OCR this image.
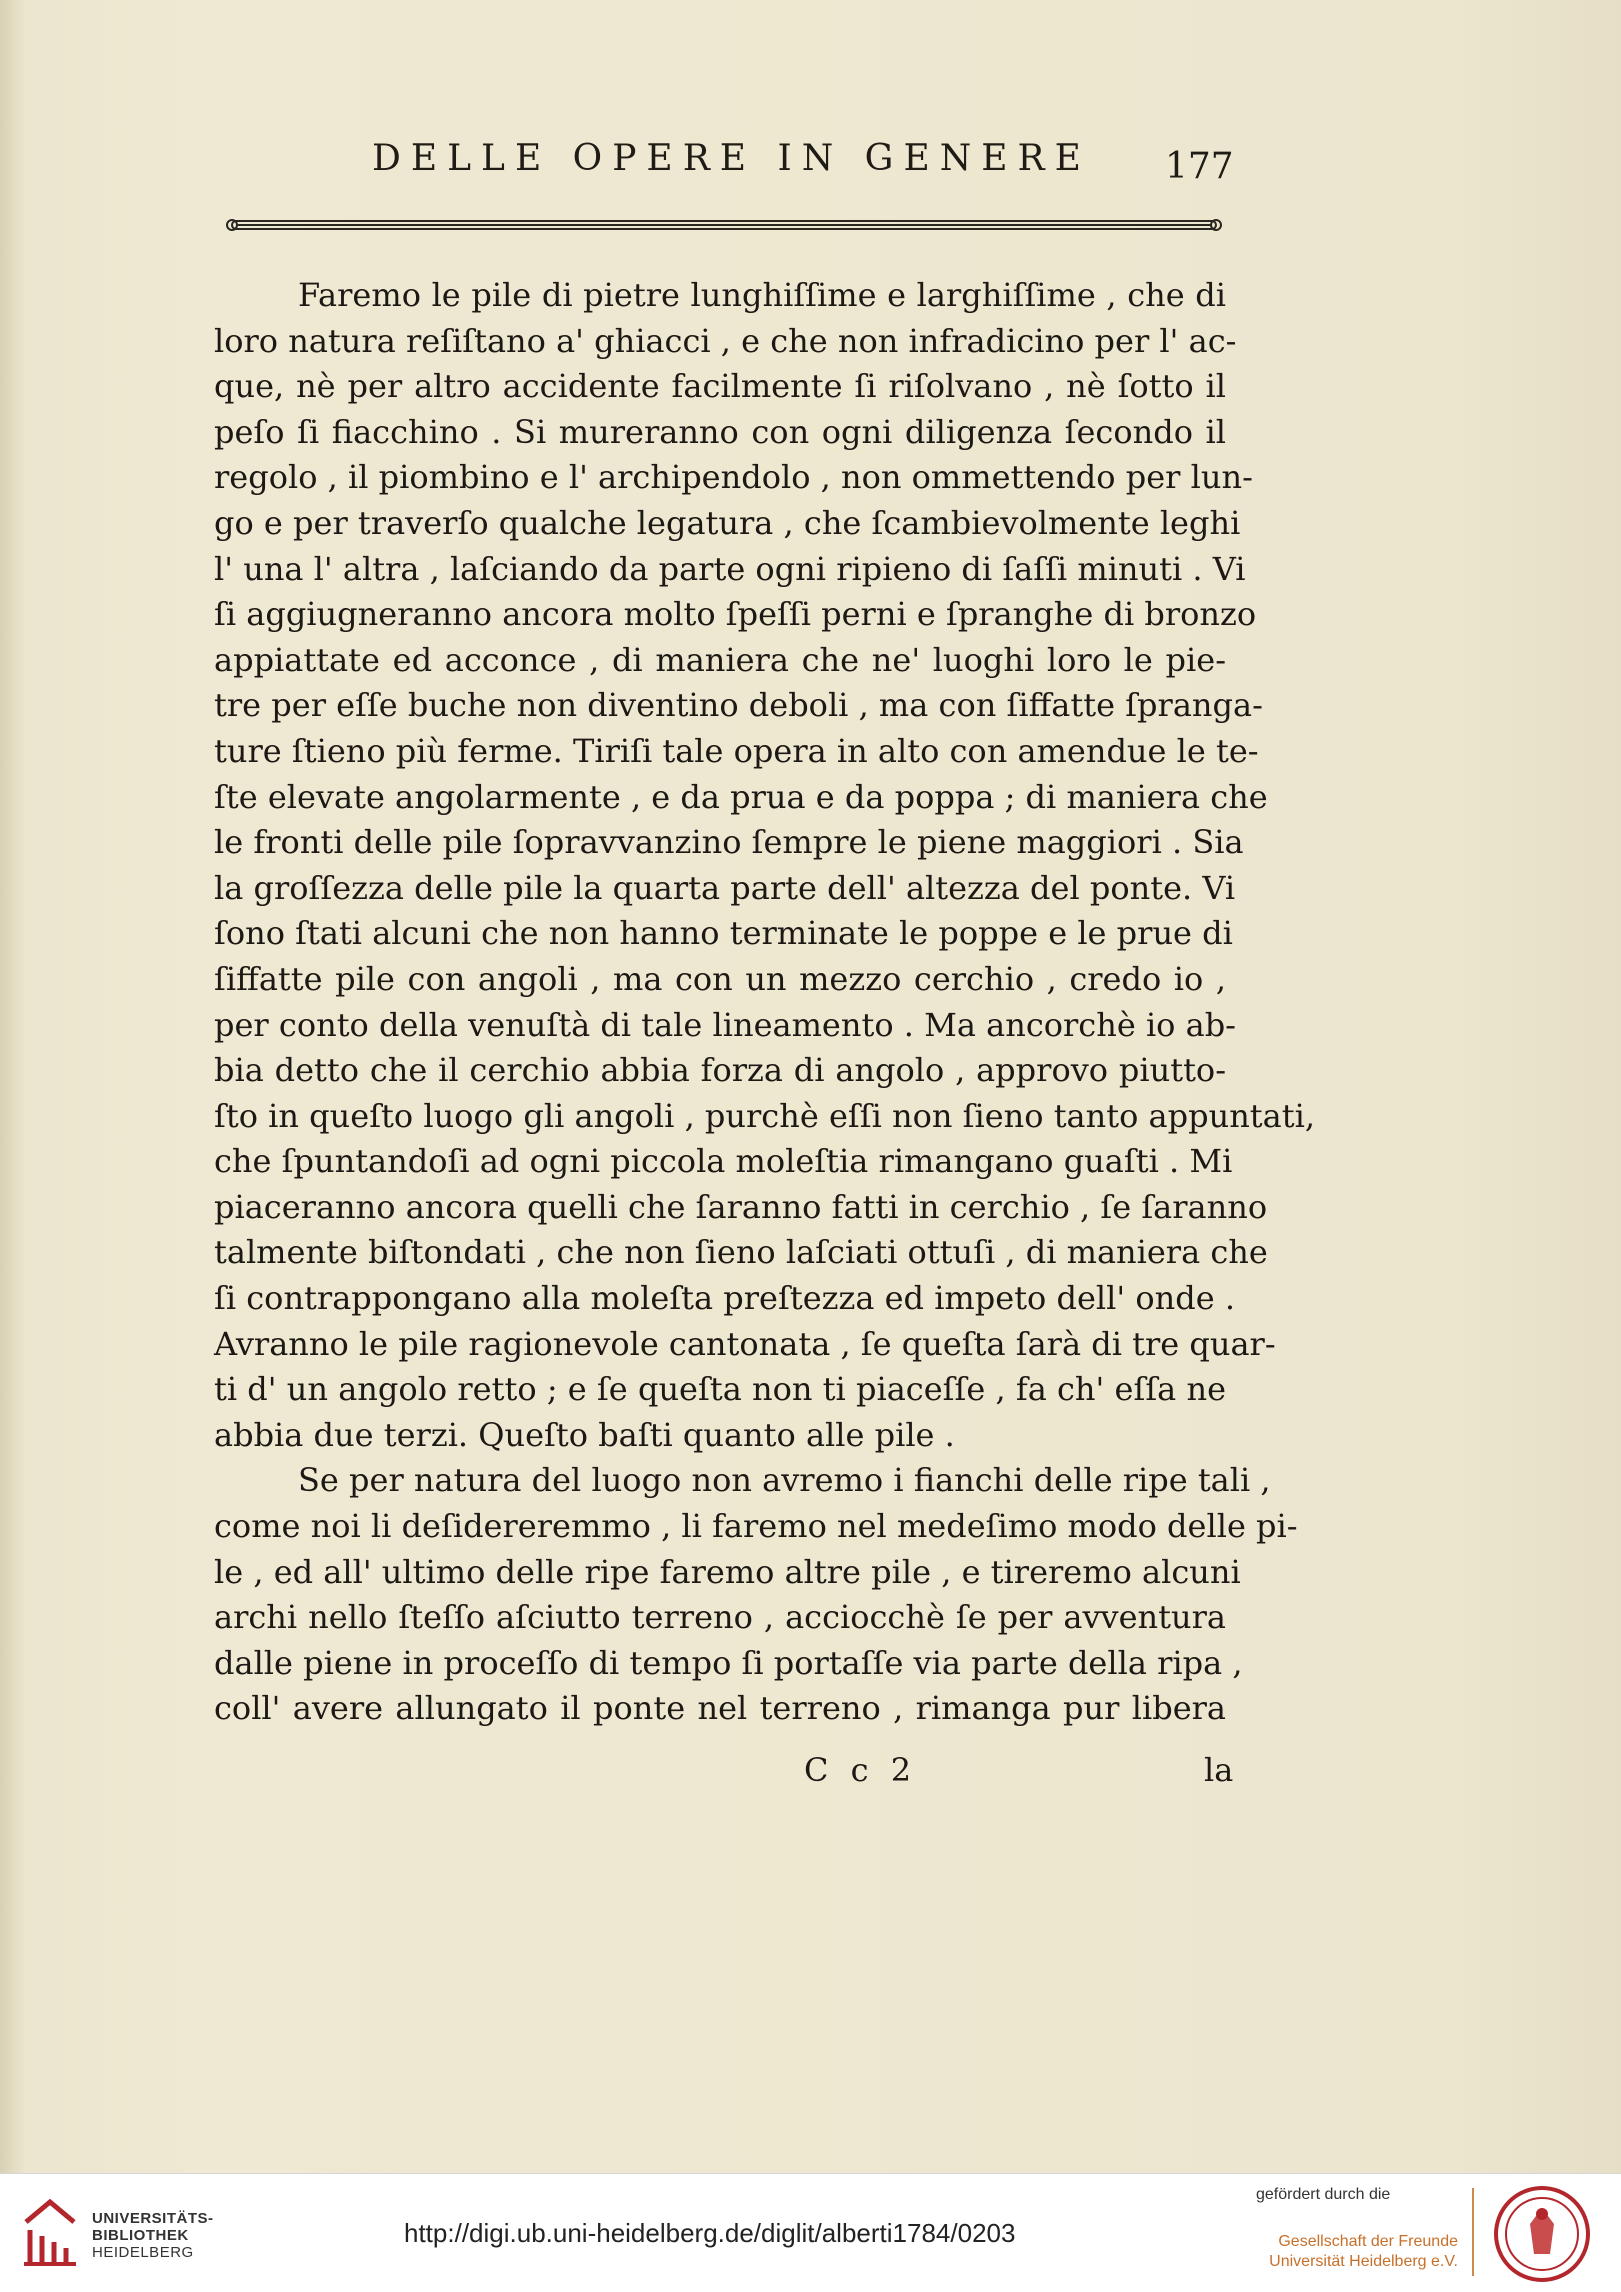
DELLE OPERE IN GENERE 177
Faremo le pile di pietre lunghiſſime e larghiſſime , che di
loro natura reſiſtano a' ghiacci , e che non infradicino per l' ac-
que, nè per altro accidente facilmente ſi riſolvano , nè ſotto il
peſo ſi fiacchino . Si mureranno con ogni diligenza ſecondo il
regolo , il piombino e l' archipendolo , non ommettendo per lun-
go e per traverſo qualche legatura , che ſcambievolmente leghi
l' una l' altra , laſciando da parte ogni ripieno di ſaſſi minuti . Vi
ſi aggiugneranno ancora molto ſpeſſi perni e ſpranghe di bronzo
appiattate ed acconce , di maniera che ne' luoghi loro le pie-
tre per eſſe buche non diventino deboli , ma con ſiffatte ſpranga-
ture ſtieno più ferme. Tiriſi tale opera in alto con amendue le te-
ſte elevate angolarmente , e da prua e da poppa ; di maniera che
le fronti delle pile ſopravvanzino ſempre le piene maggiori . Sia
la groſſezza delle pile la quarta parte dell' altezza del ponte. Vi
ſono ſtati alcuni che non hanno terminate le poppe e le prue di
ſiffatte pile con angoli , ma con un mezzo cerchio , credo io ,
per conto della venuſtà di tale lineamento . Ma ancorchè io ab-
bia detto che il cerchio abbia forza di angolo , approvo piutto-
ſto in queſto luogo gli angoli , purchè eſſi non ſieno tanto appuntati,
che ſpuntandoſi ad ogni piccola moleſtia rimangano guaſti . Mi
piaceranno ancora quelli che ſaranno fatti in cerchio , ſe ſaranno
talmente biſtondati , che non ſieno laſciati ottuſi , di maniera che
ſi contrappongano alla moleſta preſtezza ed impeto dell' onde .
Avranno le pile ragionevole cantonata , ſe queſta ſarà di tre quar-
ti d' un angolo retto ; e ſe queſta non ti piaceſſe , fa ch' eſſa ne
abbia due terzi. Queſto baſti quanto alle pile .
Se per natura del luogo non avremo i fianchi delle ripe tali ,
come noi li deſidereremmo , li faremo nel medeſimo modo delle pi-
le , ed all' ultimo delle ripe faremo altre pile , e tireremo alcuni
archi nello ſteſſo aſciutto terreno , acciocchè ſe per avventura
dalle piene in proceſſo di tempo ſi portaſſe via parte della ripa ,
coll' avere allungato il ponte nel terreno , rimanga pur libera
C c 2	la
UNIVERSITÄTS-
BIBLIOTHEK
HEIDELBERG
http://digi.ub.uni-heidelberg.de/diglit/alberti1784/0203
gefördert durch die
Gesellschaft der Freunde
Universität Heidelberg e.V.
